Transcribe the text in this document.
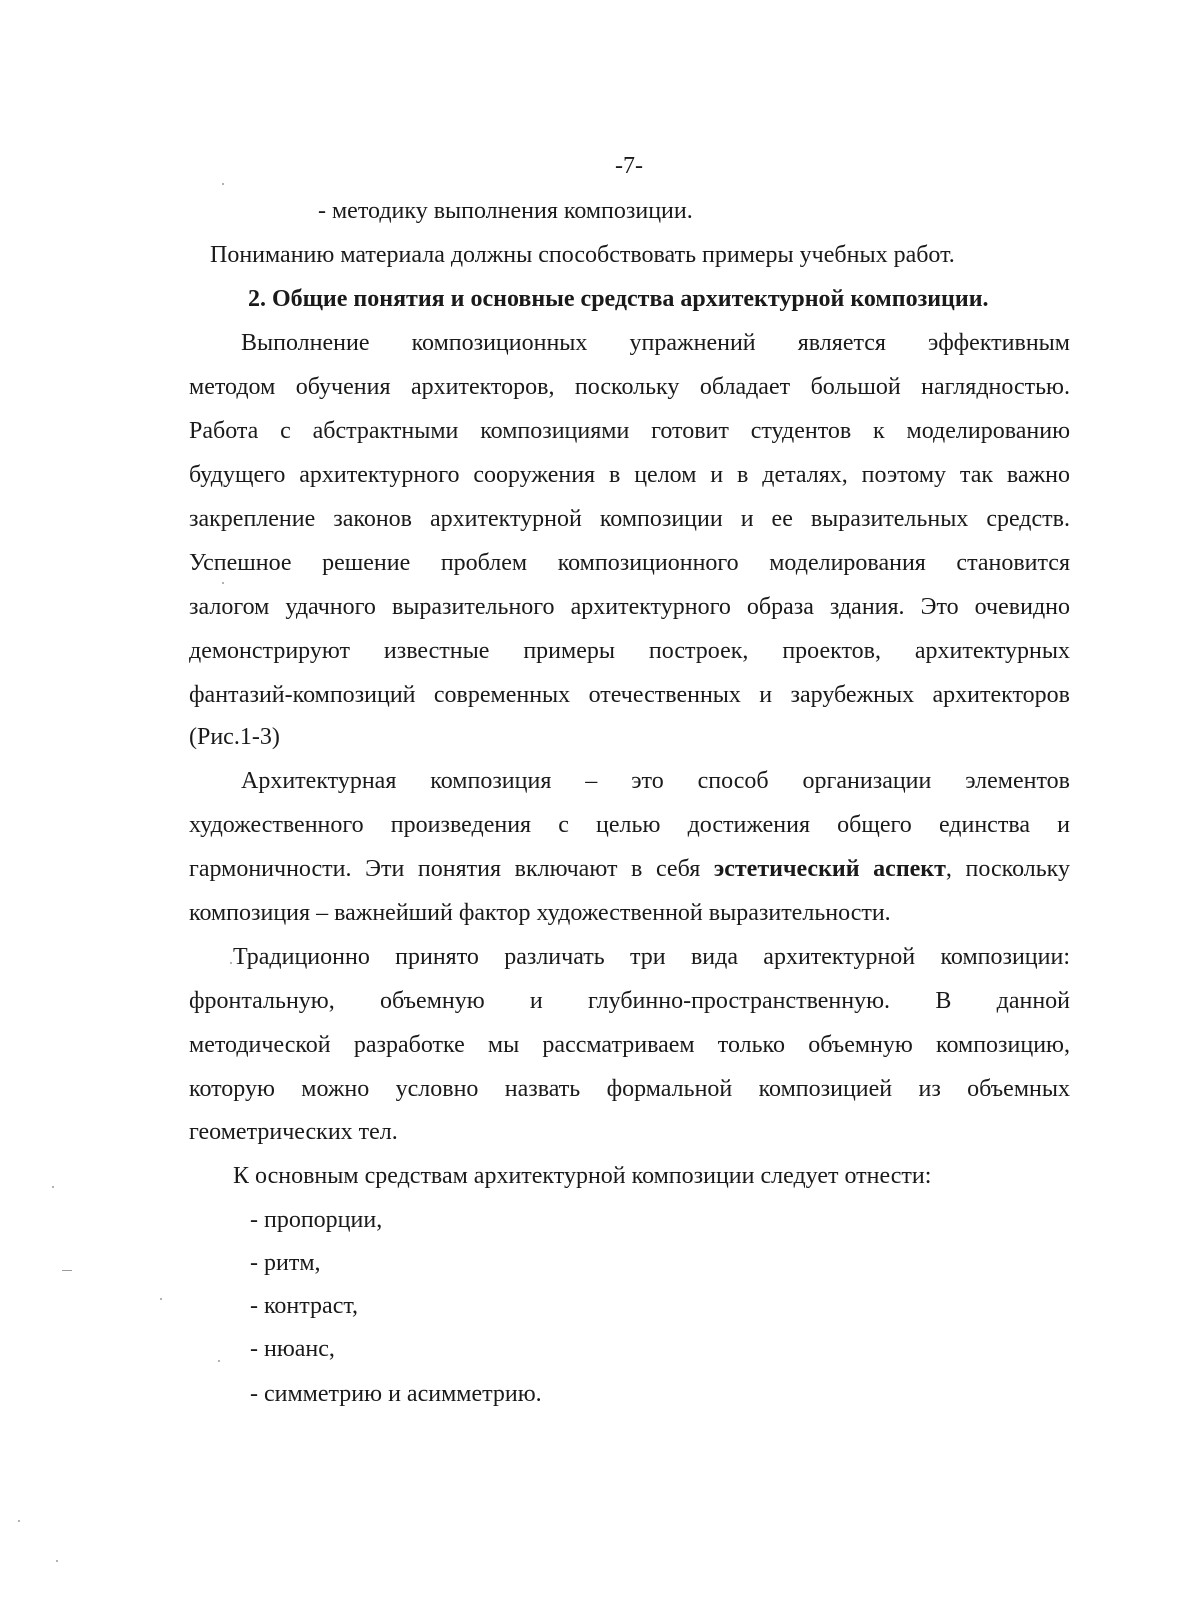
-7-

- методику выполнения композиции.

Пониманию материала должны способствовать примеры учебных работ.

2. Общие понятия и основные средства архитектурной композиции.

Выполнение композиционных упражнений является эффективным

методом обучения архитекторов, поскольку обладает большой наглядностью.

Работа с абстрактными композициями готовит студентов к моделированию

будущего архитектурного сооружения в целом и в деталях, поэтому так важно

закрепление законов архитектурной композиции и ее выразительных средств.

Успешное решение проблем композиционного моделирования становится

залогом удачного выразительного архитектурного образа здания. Это очевидно

демонстрируют известные примеры построек, проектов, архитектурных

фантазий-композиций современных отечественных и зарубежных архитекторов

(Рис.1-3)

Архитектурная композиция – это способ организации элементов

художественного произведения с целью достижения общего единства и

гармоничности. Эти понятия включают в себя эстетический аспект, поскольку

композиция – важнейший фактор художественной выразительности.

Традиционно принято различать три вида архитектурной композиции:

фронтальную, объемную и глубинно-пространственную. В данной

методической разработке мы рассматриваем только объемную композицию,

которую можно условно назвать формальной композицией из объемных

геометрических тел.

К основным средствам архитектурной композиции следует отнести:

- пропорции,

- ритм,

- контраст,

- нюанс,

- симметрию и асимметрию.
